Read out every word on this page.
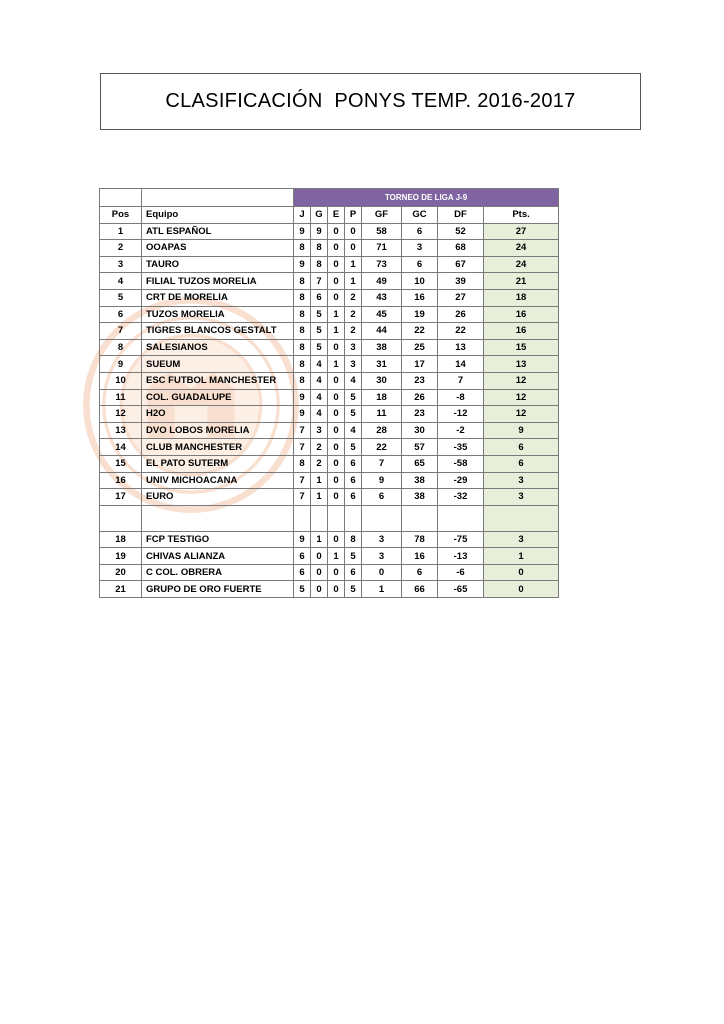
CLASIFICACIÓN  PONYS TEMP. 2016-2017
		TORNEO DE LIGA J-9							
Pos	Equipo	J	G	E	P	GF	GC	DF	Pts.
1	ATL ESPAÑOL	9	9	0	0	58	6	52	27
2	OOAPAS	8	8	0	0	71	3	68	24
3	TAURO	9	8	0	1	73	6	67	24
4	FILIAL TUZOS MORELIA	8	7	0	1	49	10	39	21
5	CRT DE MORELIA	8	6	0	2	43	16	27	18
6	TUZOS MORELIA	8	5	1	2	45	19	26	16
7	TIGRES BLANCOS GESTALT	8	5	1	2	44	22	22	16
8	SALESIANOS	8	5	0	3	38	25	13	15
9	SUEUM	8	4	1	3	31	17	14	13
10	ESC FUTBOL MANCHESTER	8	4	0	4	30	23	7	12
11	COL. GUADALUPE	9	4	0	5	18	26	-8	12
12	H2O	9	4	0	5	11	23	-12	12
13	DVO LOBOS MORELIA	7	3	0	4	28	30	-2	9
14	CLUB MANCHESTER	7	2	0	5	22	57	-35	6
15	EL PATO SUTERM	8	2	0	6	7	65	-58	6
16	UNIV MICHOACANA	7	1	0	6	9	38	-29	3
17	EURO	7	1	0	6	6	38	-32	3

18	FCP TESTIGO	9	1	0	8	3	78	-75	3
19	CHIVAS ALIANZA	6	0	1	5	3	16	-13	1
20	C COL. OBRERA	6	0	0	6	0	6	-6	0
21	GRUPO DE ORO FUERTE	5	0	0	5	1	66	-65	0
